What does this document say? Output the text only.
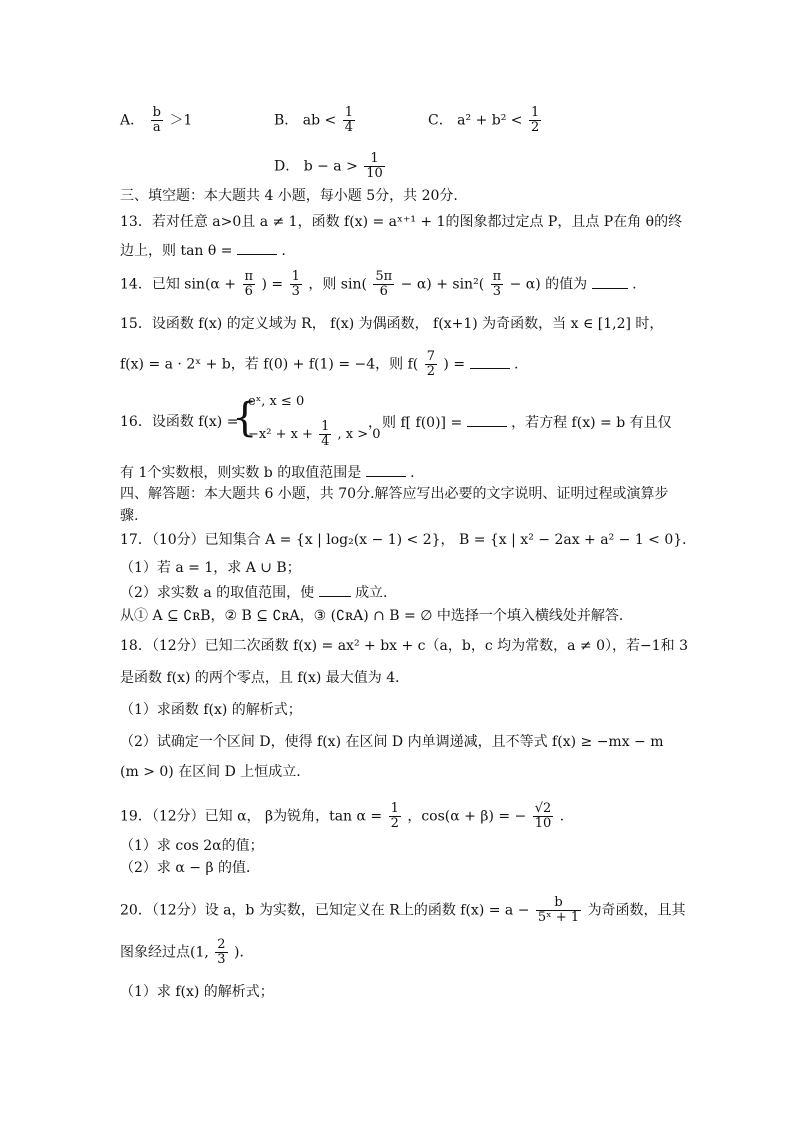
A． $\frac{b}{a} >1$	B． ab < $\frac{1}{4}$	C． $a^2 + b^2 < \frac{1}{2}$
D． $b - a > \frac{1}{10}$
三、填空题：本大题共 4 小题，每小题 5分，共 20分.
13．若对任意 a>0且 a ≠ 1，函数 f(x) = aˣ⁺¹ + 1的图象都过定点 P，且点 P在角 θ的终
边上，则 tan θ =	.
14．已知 $\sin(\alpha + \frac{\pi}{6}$ ) = $\frac{1}{3}$ ，则 $\sin( \frac{5\pi}{6} - \alpha) + \sin^2( \frac{\pi}{3} - \alpha)$ 的值为	.
15．设函数 f(x) 的定义域为 R， f(x) 为偶函数， f(x+1) 为奇函数，当 x ∈ [1,2] 时，
f(x) = a · 2ˣ + b，若 f(0) + f(1) = −4，则 $f( \frac{7}{2}$ ) =	.
16．设函数 f(x) =
{
eˣ, x ≤ 0
$-x^2 + x + \frac{1}{4}$ , x > 0
，则 f[ f(0)] =	，若方程 f(x) = b 有且仅
有 1个实数根，则实数 b 的取值范围是	.
四、解答题：本大题共 6 小题，共 70分.解答应写出必要的文字说明、证明过程或演算步
骤.
17．（10分）已知集合 A = {x | log₂(x − 1) < 2}， B = {x | x² − 2ax + a² − 1 < 0}．
（1）若 a = 1，求 A ∪ B；
（2）求实数 a 的取值范围，使	成立.
从① A ⊆ ∁ʀB，② B ⊆ ∁ʀA，③ (∁ʀA) ∩ B = ∅ 中选择一个填入横线处并解答．
18．（12分）已知二次函数 f(x) = ax² + bx + c（a，b，c 均为常数，a ≠ 0），若−1和 3
是函数 f(x) 的两个零点，且 f(x) 最大值为 4．
（1）求函数 f(x) 的解析式；
（2）试确定一个区间 D，使得 f(x) 在区间 D 内单调递减，且不等式 f(x) ≥ −mx − m
(m > 0) 在区间 D 上恒成立.
19．（12分）已知 α， β为锐角，$\tan \alpha = \frac{1}{2}$ ，cos(α + β) = − $\frac{√2}{10}$ ．
（1）求 cos 2α的值；
（2）求 α − β 的值．
20．（12分）设 a，b 为实数，已知定义在 R上的函数 $f(x) = a - \frac{b}{\text{5ˣ + 1}}$ 为奇函数，且其
图象经过点(1, $\frac{2}{3}$ )．
（1）求 f(x) 的解析式；
